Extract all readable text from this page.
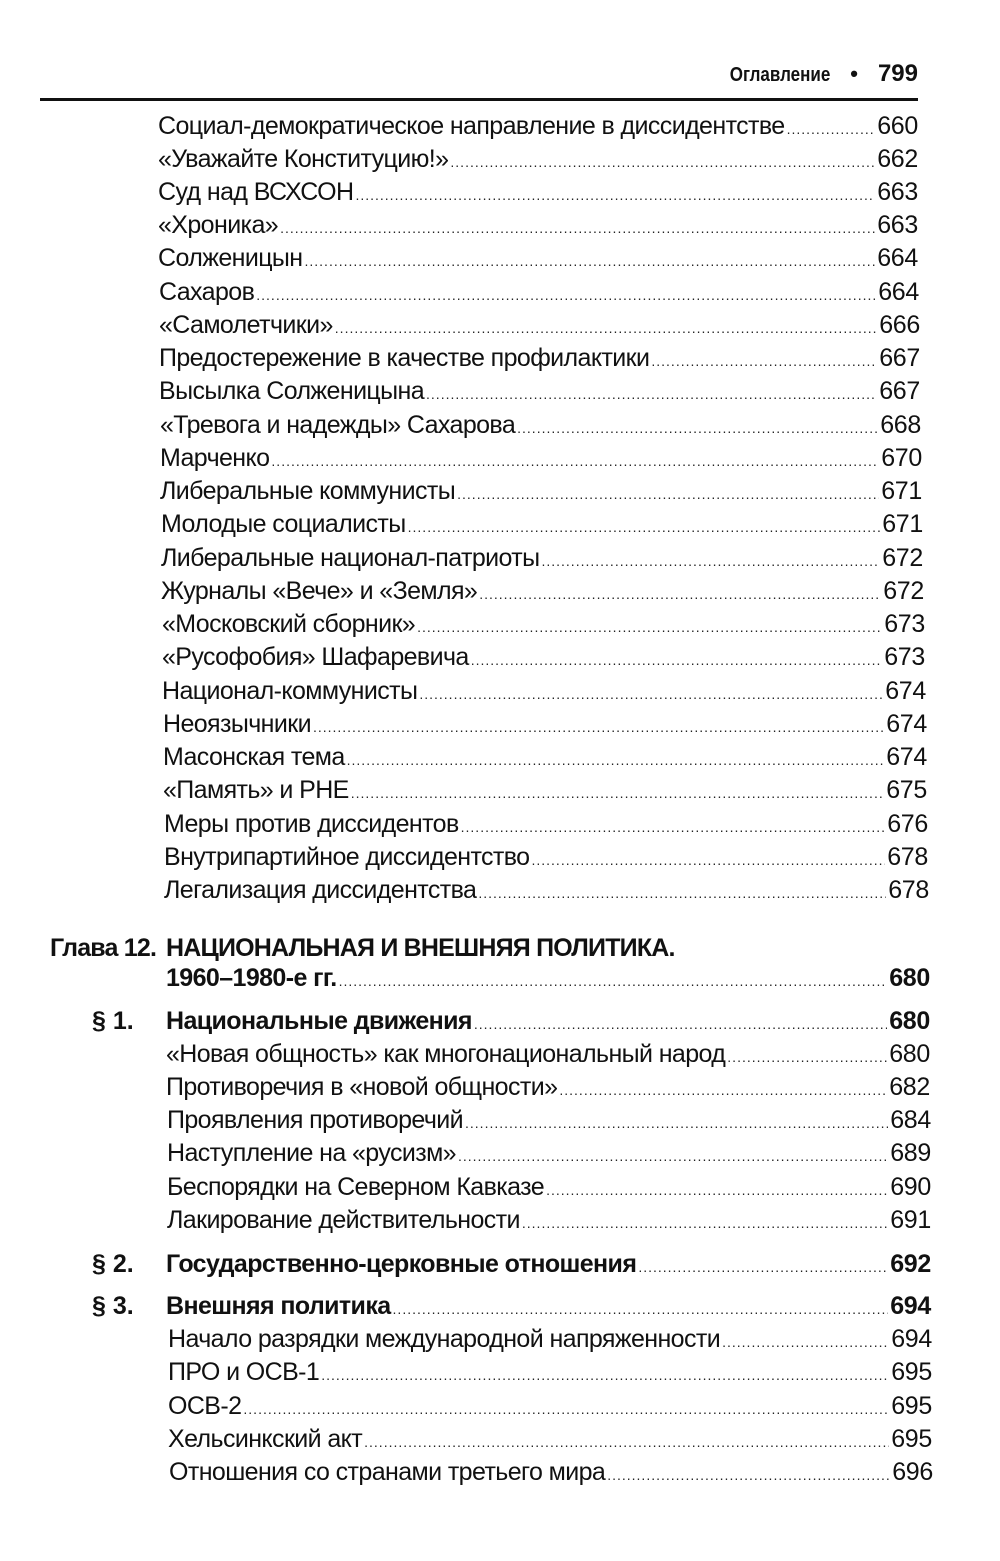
Оглавление • 799
Социал-демократическое направление в диссидентстве .....	660
«Уважайте Конституцию!» .....	662
Суд над ВСХСОН .....	663
«Хроника» .....	663
Солженицын .....	664
Сахаров .....	664
«Самолетчики» .....	666
Предостережение в качестве профилактики .....	667
Высылка Солженицына .....	667
«Тревога и надежды» Сахарова .....	668
Марченко .....	670
Либеральные коммунисты .....	671
Молодые социалисты .....	671
Либеральные национал-патриоты .....	672
Журналы «Вече» и «Земля» .....	672
«Московский сборник» .....	673
«Русофобия» Шафаревича .....	673
Национал-коммунисты .....	674
Неоязычники .....	674
Масонская тема .....	674
«Память» и РНЕ .....	675
Меры против диссидентов .....	676
Внутрипартийное диссидентство .....	678
Легализация диссидентства .....	678
Глава 12. НАЦИОНАЛЬНАЯ И ВНЕШНЯЯ ПОЛИТИКА.
1960–1980-е гг. .....	680
§ 1. Национальные движения .....	680
«Новая общность» как многонациональный народ .....	680
Противоречия в «новой общности» .....	682
Проявления противоречий .....	684
Наступление на «русизм» .....	689
Беспорядки на Северном Кавказе .....	690
Лакирование действительности .....	691
§ 2. Государственно-церковные отношения .....	692
§ 3. Внешняя политика .....	694
Начало разрядки международной напряженности .....	694
ПРО и ОСВ-1 .....	695
ОСВ-2 .....	695
Хельсинкский акт .....	695
Отношения со странами третьего мира .....	696
